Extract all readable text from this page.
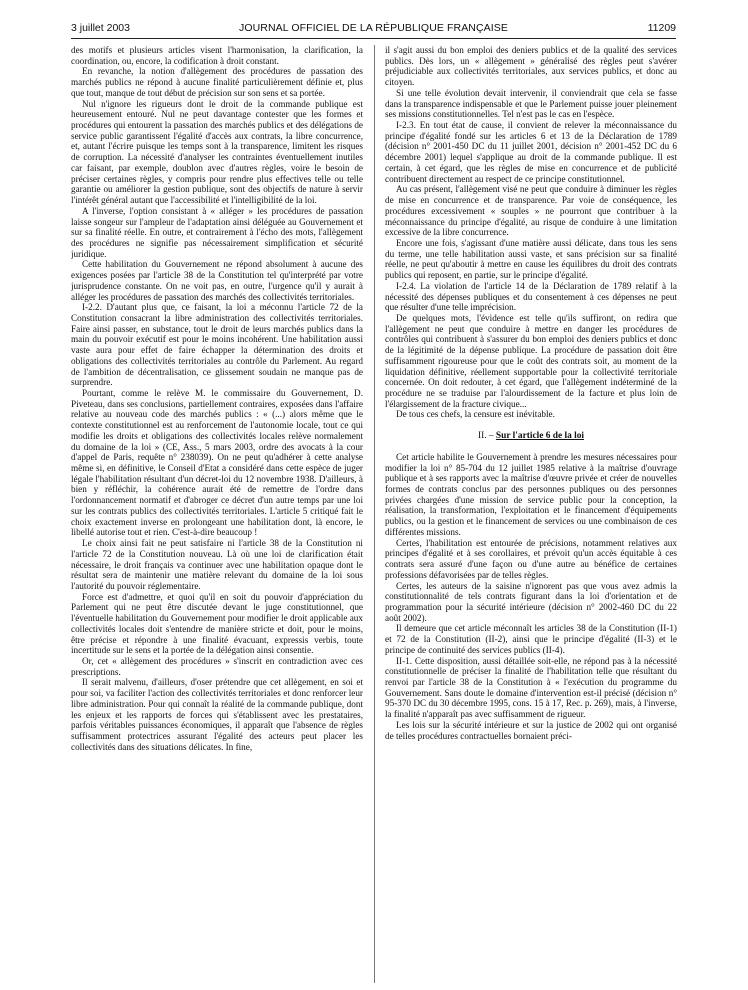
3 juillet 2003	JOURNAL OFFICIEL DE LA RÉPUBLIQUE FRANÇAISE	11209

des motifs et plusieurs articles visent l'harmonisation, la clarification, la coordination, ou, encore, la codification à droit constant.

En revanche, la notion d'allègement des procédures de passation des marchés publics ne répond à aucune finalité particulièrement définie et, plus que tout, manque de tout début de précision sur son sens et sa portée.

Nul n'ignore les rigueurs dont le droit de la commande publique est heureusement entouré. Nul ne peut davantage contester que les formes et procédures qui entourent la passation des marchés publics et des délégations de service public garantissent l'égalité d'accès aux contrats, la libre concurrence, et, autant l'écrire puisque les temps sont à la transparence, limitent les risques de corruption. La nécessité d'analyser les contraintes éventuellement inutiles car faisant, par exemple, doublon avec d'autres règles, voire le besoin de préciser certaines règles, y compris pour rendre plus effectives telle ou telle garantie ou améliorer la gestion publique, sont des objectifs de nature à servir l'intérêt général autant que l'accessibilité et l'intelligibilité de la loi.

A l'inverse, l'option consistant à « alléger » les procédures de passation laisse songeur sur l'ampleur de l'adaptation ainsi déléguée au Gouvernement et sur sa finalité réelle. En outre, et contrairement à l'écho des mots, l'allègement des procédures ne signifie pas nécessairement simplification et sécurité juridique.

Cette habilitation du Gouvernement ne répond absolument à aucune des exigences posées par l'article 38 de la Constitution tel qu'interprété par votre jurisprudence constante. On ne voit pas, en outre, l'urgence qu'il y aurait à alléger les procédures de passation des marchés des collectivités territoriales.

I-2.2. D'autant plus que, ce faisant, la loi a méconnu l'article 72 de la Constitution consacrant la libre administration des collectivités territoriales. Faire ainsi passer, en substance, tout le droit de leurs marchés publics dans la main du pouvoir exécutif est pour le moins incohérent. Une habilitation aussi vaste aura pour effet de faire échapper la détermination des droits et obligations des collectivités territoriales au contrôle du Parlement. Au regard de l'ambition de décentralisation, ce glissement soudain ne manque pas de surprendre.

Pourtant, comme le relève M. le commissaire du Gouvernement, D. Piveteau, dans ses conclusions, partiellement contraires, exposées dans l'affaire relative au nouveau code des marchés publics : « (...) alors même que le contexte constitutionnel est au renforcement de l'autonomie locale, tout ce qui modifie les droits et obligations des collectivités locales relève normalement du domaine de la loi » (CE, Ass., 5 mars 2003, ordre des avocats à la cour d'appel de Paris, requête n° 238039). On ne peut qu'adhérer à cette analyse même si, en définitive, le Conseil d'Etat a considéré dans cette espèce de juger légale l'habilitation résultant d'un décret-loi du 12 novembre 1938. D'ailleurs, à bien y réfléchir, la cohérence aurait été de remettre de l'ordre dans l'ordonnancement normatif et d'abroger ce décret d'un autre temps par une loi sur les contrats publics des collectivités territoriales. L'article 5 critiqué fait le choix exactement inverse en prolongeant une habilitation dont, là encore, le libellé autorise tout et rien. C'est-à-dire beaucoup !

Le choix ainsi fait ne peut satisfaire ni l'article 38 de la Constitution ni l'article 72 de la Constitution nouveau. Là où une loi de clarification était nécessaire, le droit français va continuer avec une habilitation opaque dont le résultat sera de maintenir une matière relevant du domaine de la loi sous l'autorité du pouvoir réglementaire.

Force est d'admettre, et quoi qu'il en soit du pouvoir d'appréciation du Parlement qui ne peut être discutée devant le juge constitutionnel, que l'éventuelle habilitation du Gouvernement pour modifier le droit applicable aux collectivités locales doit s'entendre de manière stricte et doit, pour le moins, être précise et répondre à une finalité évacuant, expressis verbis, toute incertitude sur le sens et la portée de la délégation ainsi consentie.

Or, cet « allègement des procédures » s'inscrit en contradiction avec ces prescriptions.

Il serait malvenu, d'ailleurs, d'oser prétendre que cet allègement, en soi et pour soi, va faciliter l'action des collectivités territoriales et donc renforcer leur libre administration. Pour qui connaît la réalité de la commande publique, dont les enjeux et les rapports de forces qui s'établissent avec les prestataires, parfois véritables puissances économiques, il apparaît que l'absence de règles suffisamment protectrices assurant l'égalité des acteurs peut placer les collectivités dans des situations délicates. In fine,

il s'agit aussi du bon emploi des deniers publics et de la qualité des services publics. Dès lors, un « allègement » généralisé des règles peut s'avérer préjudiciable aux collectivités territoriales, aux services publics, et donc au citoyen.

Si une telle évolution devait intervenir, il conviendrait que cela se fasse dans la transparence indispensable et que le Parlement puisse jouer pleinement ses missions constitutionnelles. Tel n'est pas le cas en l'espèce.

I-2.3. En tout état de cause, il convient de relever la méconnaissance du principe d'égalité fondé sur les articles 6 et 13 de la Déclaration de 1789 (décision n° 2001-450 DC du 11 juillet 2001, décision n° 2001-452 DC du 6 décembre 2001) lequel s'applique au droit de la commande publique. Il est certain, à cet égard, que les règles de mise en concurrence et de publicité contribuent directement au respect de ce principe constitutionnel.

Au cas présent, l'allègement visé ne peut que conduire à diminuer les règles de mise en concurrence et de transparence. Par voie de conséquence, les procédures excessivement « souples » ne pourront que contribuer à la méconnaissance du principe d'égalité, au risque de conduire à une limitation excessive de la libre concurrence.

Encore une fois, s'agissant d'une matière aussi délicate, dans tous les sens du terme, une telle habilitation aussi vaste, et sans précision sur sa finalité réelle, ne peut qu'aboutir à mettre en cause les équilibres du droit des contrats publics qui reposent, en partie, sur le principe d'égalité.

I-2.4. La violation de l'article 14 de la Déclaration de 1789 relatif à la nécessité des dépenses publiques et du consentement à ces dépenses ne peut que résulter d'une telle imprécision.

De quelques mots, l'évidence est telle qu'ils suffiront, on redira que l'allègement ne peut que conduire à mettre en danger les procédures de contrôles qui contribuent à s'assurer du bon emploi des deniers publics et donc de la légitimité de la dépense publique. La procédure de passation doit être suffisamment rigoureuse pour que le coût des contrats soit, au moment de la liquidation définitive, réellement supportable pour la collectivité territoriale concernée. On doit redouter, à cet égard, que l'allègement indéterminé de la procédure ne se traduise par l'alourdissement de la facture et plus loin de l'élargissement de la fracture civique...

De tous ces chefs, la censure est inévitable.

II. – Sur l'article 6 de la loi

Cet article habilite le Gouvernement à prendre les mesures nécessaires pour modifier la loi n° 85-704 du 12 juillet 1985 relative à la maîtrise d'ouvrage publique et à ses rapports avec la maîtrise d'œuvre privée et créer de nouvelles formes de contrats conclus par des personnes publiques ou des personnes privées chargées d'une mission de service public pour la conception, la réalisation, la transformation, l'exploitation et le financement d'équipements publics, ou la gestion et le financement de services ou une combinaison de ces différentes missions.

Certes, l'habilitation est entourée de précisions, notamment relatives aux principes d'égalité et à ses corollaires, et prévoit qu'un accès équitable à ces contrats sera assuré d'une façon ou d'une autre au bénéfice de certaines professions défavorisées par de telles règles.

Certes, les auteurs de la saisine n'ignorent pas que vous avez admis la constitutionnalité de tels contrats figurant dans la loi d'orientation et de programmation pour la sécurité intérieure (décision n° 2002-460 DC du 22 août 2002).

Il demeure que cet article méconnaît les articles 38 de la Constitution (II-1) et 72 de la Constitution (II-2), ainsi que le principe d'égalité (II-3) et le principe de continuité des services publics (II-4).

II-1. Cette disposition, aussi détaillée soit-elle, ne répond pas à la nécessité constitutionnelle de préciser la finalité de l'habilitation telle que résultant du renvoi par l'article 38 de la Constitution à « l'exécution du programme du Gouvernement. Sans doute le domaine d'intervention est-il précisé (décision n° 95-370 DC du 30 décembre 1995, cons. 15 à 17, Rec. p. 269), mais, à l'inverse, la finalité n'apparaît pas avec suffisamment de rigueur.

Les lois sur la sécurité intérieure et sur la justice de 2002 qui ont organisé de telles procédures contractuelles bornaient préci-
